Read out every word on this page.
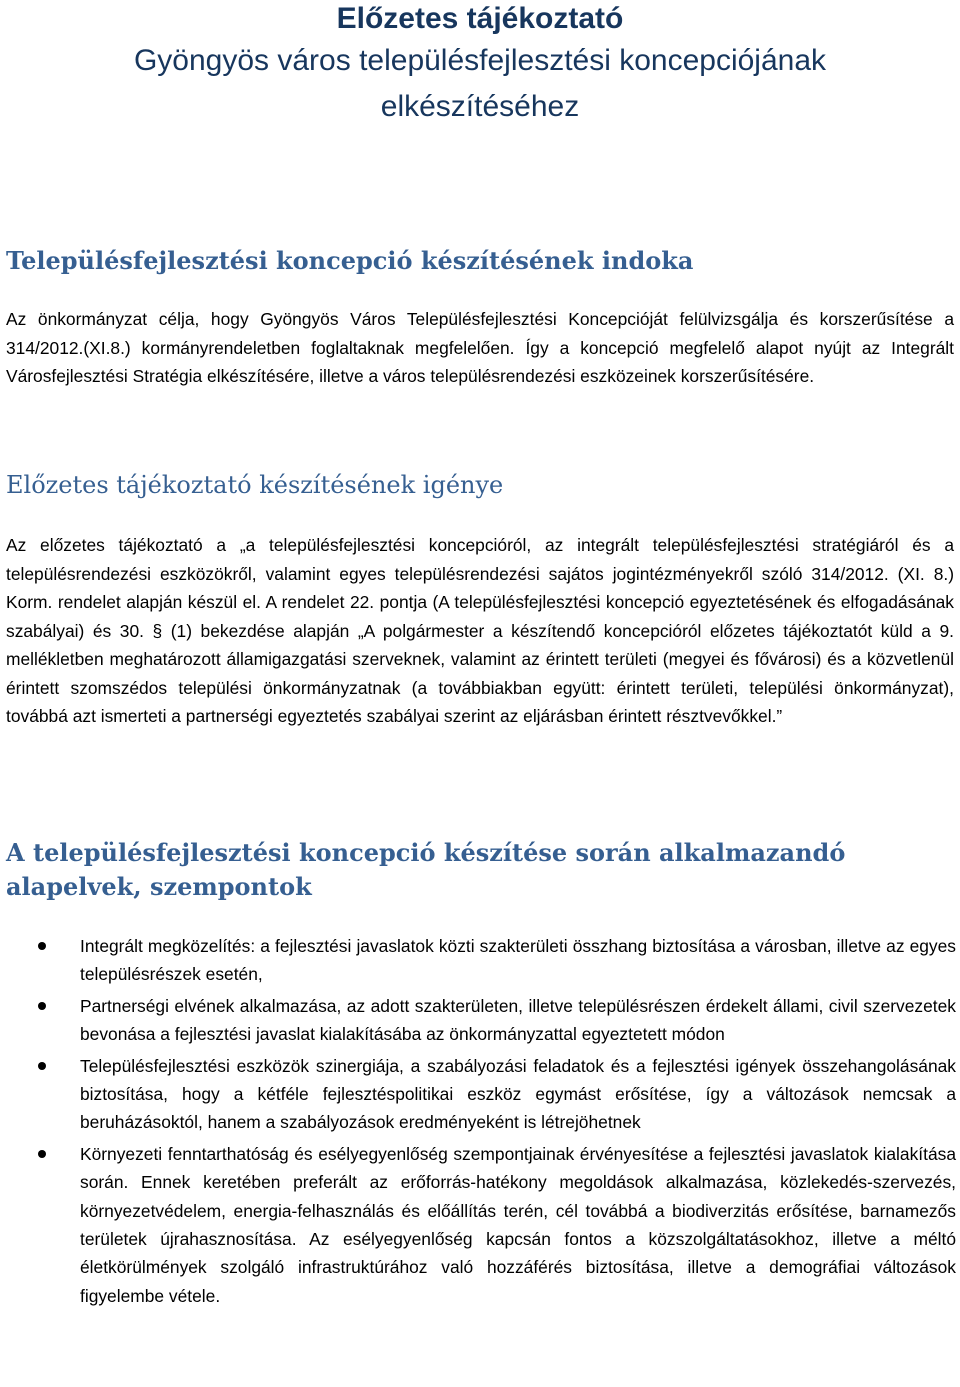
Előzetes tájékoztató
Gyöngyös város településfejlesztési koncepciójának
elkészítéséhez
Településfejlesztési koncepció készítésének indoka

Az önkormányzat célja, hogy Gyöngyös Város Településfejlesztési Koncepcióját felülvizsgálja és korszerűsítése a 314/2012.(XI.8.) kormányrendeletben foglaltaknak megfelelően. Így a koncepció megfelelő alapot nyújt az Integrált Városfejlesztési Stratégia elkészítésére, illetve a város településrendezési eszközeinek korszerűsítésére.

Előzetes tájékoztató készítésének igénye

Az előzetes tájékoztató a „a településfejlesztési koncepcióról, az integrált településfejlesztési stratégiáról és a településrendezési eszközökről, valamint egyes településrendezési sajátos jogintézményekről szóló 314/2012. (XI. 8.) Korm. rendelet alapján készül el. A rendelet 22. pontja (A településfejlesztési koncepció egyeztetésének és elfogadásának szabályai) és 30. § (1) bekezdése alapján „A polgármester a készítendő koncepcióról előzetes tájékoztatót küld a 9. mellékletben meghatározott államigazgatási szerveknek, valamint az érintett területi (megyei és fővárosi) és a közvetlenül érintett szomszédos települési önkormányzatnak (a továbbiakban együtt: érintett területi, települési önkormányzat), továbbá azt ismerteti a partnerségi egyeztetés szabályai szerint az eljárásban érintett résztvevőkkel.”

A településfejlesztési koncepció készítése során alkalmazandó alapelvek, szempontok
Integrált megközelítés: a fejlesztési javaslatok közti szakterületi összhang biztosítása a városban, illetve az egyes településrészek esetén,
Partnerségi elvének alkalmazása, az adott szakterületen, illetve településrészen érdekelt állami, civil szervezetek bevonása a fejlesztési javaslat kialakításába az önkormányzattal egyeztetett módon
Településfejlesztési eszközök szinergiája, a szabályozási feladatok és a fejlesztési igények összehangolásának biztosítása, hogy a kétféle fejlesztéspolitikai eszköz egymást erősítése, így a változások nemcsak a beruházásoktól, hanem a szabályozások eredményeként is létrejöhetnek
Környezeti fenntarthatóság és esélyegyenlőség szempontjainak érvényesítése a fejlesztési javaslatok kialakítása során. Ennek keretében preferált az erőforrás-hatékony megoldások alkalmazása, közlekedés-szervezés, környezetvédelem, energia-felhasználás és előállítás terén, cél továbbá a biodiverzitás erősítése, barnamezős területek újrahasznosítása. Az esélyegyenlőség kapcsán fontos a közszolgáltatásokhoz, illetve a méltó életkörülmények szolgáló infrastruktúrához való hozzáférés biztosítása, illetve a demográfiai változások figyelembe vétele.
